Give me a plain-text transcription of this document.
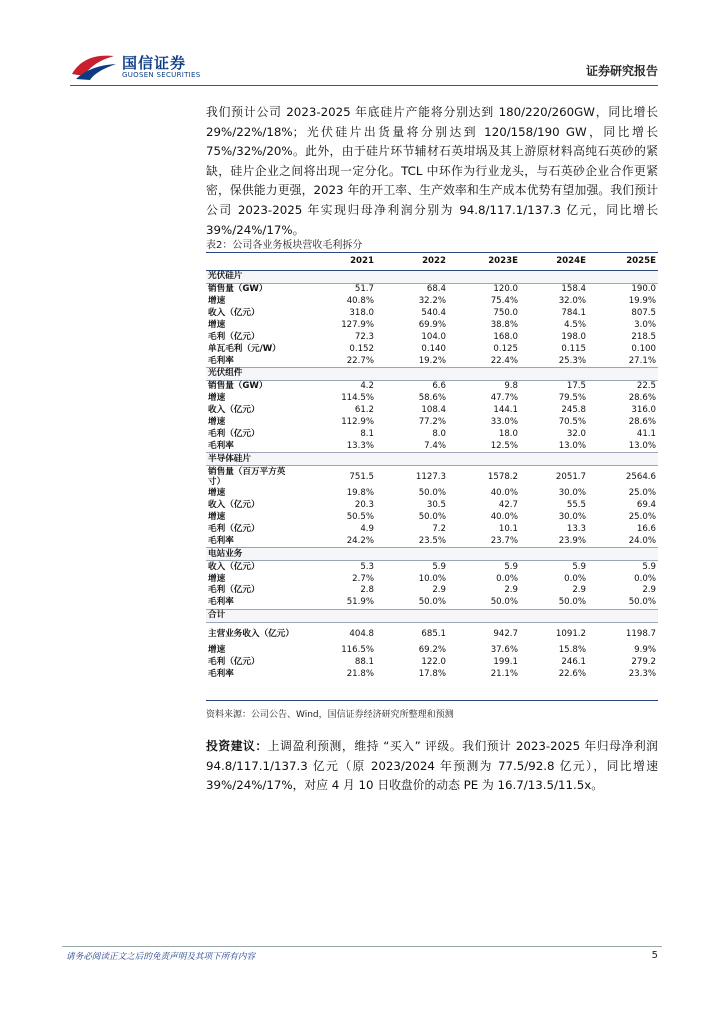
国信证券
GUOSEN SECURITIES	证券研究报告
我们预计公司 2023-2025 年底硅片产能将分别达到 180/220/260GW，同比增长 29%/22%/18%；光伏硅片出货量将分别达到 120/158/190 GW，同比增长 75%/32%/20%。此外，由于硅片环节辅材石英坩埚及其上游原材料高纯石英砂的紧缺，硅片企业之间将出现一定分化。TCL 中环作为行业龙头，与石英砂企业合作更紧密，保供能力更强，2023 年的开工率、生产效率和生产成本优势有望加强。我们预计公司 2023-2025 年实现归母净利润分别为 94.8/117.1/137.3 亿元，同比增长 39%/24%/17%。
表2：公司各业务板块营收毛利拆分
	2021	2022	2023E	2024E	2025E
光伏硅片					
销售量（GW）	51.7	68.4	120.0	158.4	190.0
增速	40.8%	32.2%	75.4%	32.0%	19.9%
收入（亿元）	318.0	540.4	750.0	784.1	807.5
增速	127.9%	69.9%	38.8%	4.5%	3.0%
毛利（亿元）	72.3	104.0	168.0	198.0	218.5
单瓦毛利（元/W）	0.152	0.140	0.125	0.115	0.100
毛利率	22.7%	19.2%	22.4%	25.3%	27.1%
光伏组件					
销售量（GW）	4.2	6.6	9.8	17.5	22.5
增速	114.5%	58.6%	47.7%	79.5%	28.6%
收入（亿元）	61.2	108.4	144.1	245.8	316.0
增速	112.9%	77.2%	33.0%	70.5%	28.6%
毛利（亿元）	8.1	8.0	18.0	32.0	41.1
毛利率	13.3%	7.4%	12.5%	13.0%	13.0%
半导体硅片					
销售量（百万平方英寸）	751.5	1127.3	1578.2	2051.7	2564.6
增速	19.8%	50.0%	40.0%	30.0%	25.0%
收入（亿元）	20.3	30.5	42.7	55.5	69.4
增速	50.5%	50.0%	40.0%	30.0%	25.0%
毛利（亿元）	4.9	7.2	10.1	13.3	16.6
毛利率	24.2%	23.5%	23.7%	23.9%	24.0%
电站业务					
收入（亿元）	5.3	5.9	5.9	5.9	5.9
增速	2.7%	10.0%	0.0%	0.0%	0.0%
毛利（亿元）	2.8	2.9	2.9	2.9	2.9
毛利率	51.9%	50.0%	50.0%	50.0%	50.0%
合计					
主营业务收入（亿元）	404.8	685.1	942.7	1091.2	1198.7
增速	116.5%	69.2%	37.6%	15.8%	9.9%
毛利（亿元）	88.1	122.0	199.1	246.1	279.2
毛利率	21.8%	17.8%	21.1%	22.6%	23.3%
资料来源：公司公告、Wind，国信证券经济研究所整理和预测
投资建议：上调盈利预测，维持 “买入” 评级。我们预计 2023-2025 年归母净利润 94.8/117.1/137.3 亿元（原 2023/2024 年预测为 77.5/92.8 亿元），同比增速 39%/24%/17%，对应 4 月 10 日收盘价的动态 PE 为 16.7/13.5/11.5x。
请务必阅读正文之后的免责声明及其项下所有内容	5
